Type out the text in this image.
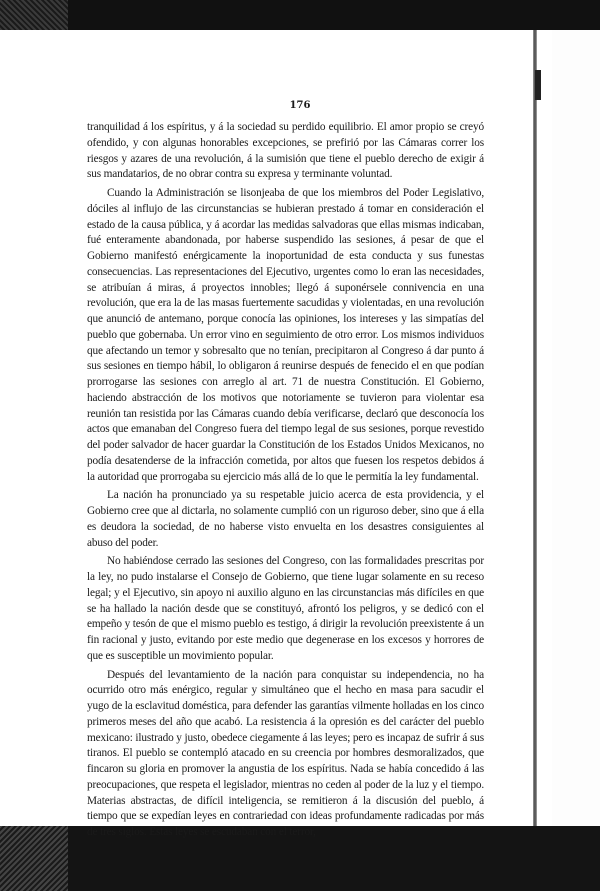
176

tranquilidad á los espíritus, y á la sociedad su perdido equilibrio. El amor propio se creyó ofendido, y con algunas honorables excepciones, se prefirió por las Cámaras correr los riesgos y azares de una revolución, á la sumisión que tiene el pueblo derecho de exigir á sus mandatarios, de no obrar contra su expresa y terminante voluntad.

Cuando la Administración se lisonjeaba de que los miembros del Poder Legislativo, dóciles al influjo de las circunstancias se hubieran prestado á tomar en consideración el estado de la causa pública, y á acordar las medidas salvadoras que ellas mismas indicaban, fué enteramente abandonada, por haberse suspendido las sesiones, á pesar de que el Gobierno manifestó enérgicamente la inoportunidad de esta conducta y sus funestas consecuencias. Las representaciones del Ejecutivo, urgentes como lo eran las necesidades, se atribuían á miras, á proyectos innobles; llegó á suponérsele connivencia en una revolución, que era la de las masas fuertemente sacudidas y violentadas, en una revolución que anunció de antemano, porque conocía las opiniones, los intereses y las simpatías del pueblo que gobernaba. Un error vino en seguimiento de otro error. Los mismos individuos que afectando un temor y sobresalto que no tenían, precipitaron al Congreso á dar punto á sus sesiones en tiempo hábil, lo obligaron á reunirse después de fenecido el en que podían prorrogarse las sesiones con arreglo al art. 71 de nuestra Constitución. El Gobierno, haciendo abstracción de los motivos que notoriamente se tuvieron para violentar esa reunión tan resistida por las Cámaras cuando debía verificarse, declaró que desconocía los actos que emanaban del Congreso fuera del tiempo legal de sus sesiones, porque revestido del poder salvador de hacer guardar la Constitución de los Estados Unidos Mexicanos, no podía desatenderse de la infracción cometida, por altos que fuesen los respetos debidos á la autoridad que prorrogaba su ejercicio más allá de lo que le permitía la ley fundamental.

La nación ha pronunciado ya su respetable juicio acerca de esta providencia, y el Gobierno cree que al dictarla, no solamente cumplió con un riguroso deber, sino que á ella es deudora la sociedad, de no haberse visto envuelta en los desastres consiguientes al abuso del poder.

No habiéndose cerrado las sesiones del Congreso, con las formalidades prescritas por la ley, no pudo instalarse el Consejo de Gobierno, que tiene lugar solamente en su receso legal; y el Ejecutivo, sin apoyo ni auxilio alguno en las circunstancias más difíciles en que se ha hallado la nación desde que se constituyó, afrontó los peligros, y se dedicó con el empeño y tesón de que el mismo pueblo es testigo, á dirigir la revolución preexistente á un fin racional y justo, evitando por este medio que degenerase en los excesos y horrores de que es susceptible un movimiento popular.

Después del levantamiento de la nación para conquistar su independencia, no ha ocurrido otro más enérgico, regular y simultáneo que el hecho en masa para sacudir el yugo de la esclavitud doméstica, para defender las garantías vilmente holladas en los cinco primeros meses del año que acabó. La resistencia á la opresión es del carácter del pueblo mexicano: ilustrado y justo, obedece ciegamente á las leyes; pero es incapaz de sufrir á sus tiranos. El pueblo se contempló atacado en su creencia por hombres desmoralizados, que fincaron su gloria en promover la angustia de los espíritus. Nada se había concedido á las preocupaciones, que respeta el legislador, mientras no ceden al poder de la luz y el tiempo. Materias abstractas, de difícil inteligencia, se remitieron á la discusión del pueblo, á tiempo que se expedían leyes en contrariedad con ideas profundamente radicadas por más de tres siglos. Estas leyes se escudaban con el terror,
